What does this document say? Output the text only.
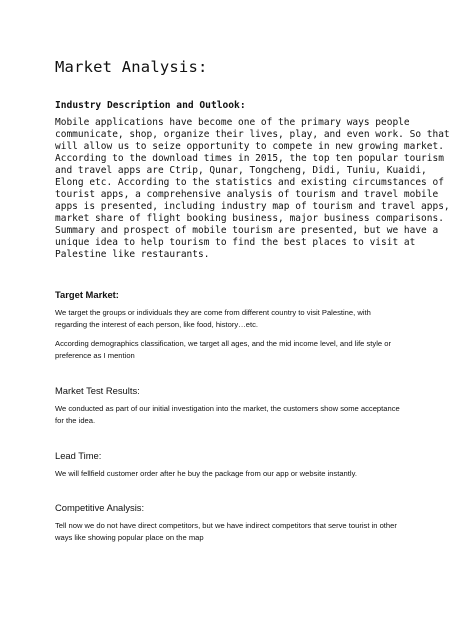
Market Analysis:
Industry Description and Outlook:

Mobile applications have become one of the primary ways people
communicate, shop, organize their lives, play, and even work. So that
will allow us to seize opportunity to compete in new growing market.
According to the download times in 2015, the top ten popular tourism
and travel apps are Ctrip, Qunar, Tongcheng, Didi, Tuniu, Kuaidi,
Elong etc. According to the statistics and existing circumstances of
tourist apps, a comprehensive analysis of tourism and travel mobile
apps is presented, including industry map of tourism and travel apps,
market share of flight booking business, major business comparisons.
Summary and prospect of mobile tourism are presented, but we have a
unique idea to help tourism to find the best places to visit at
Palestine like restaurants.

Target Market:

We target the groups or individuals they are come from different country to visit Palestine, with
regarding the interest of each person, like food, history…etc.

According demographics classification, we target all ages, and the mid income level, and life style or
preference as I mention

Market Test Results:

We conducted as part of our initial investigation into the market, the customers show some acceptance
for the idea.

Lead Time:

We will fellfield customer order after he buy the package from our app or website instantly.

Competitive Analysis:

Tell now we do not have direct competitors, but we have indirect competitors that serve tourist in other
ways like showing popular place on the map
